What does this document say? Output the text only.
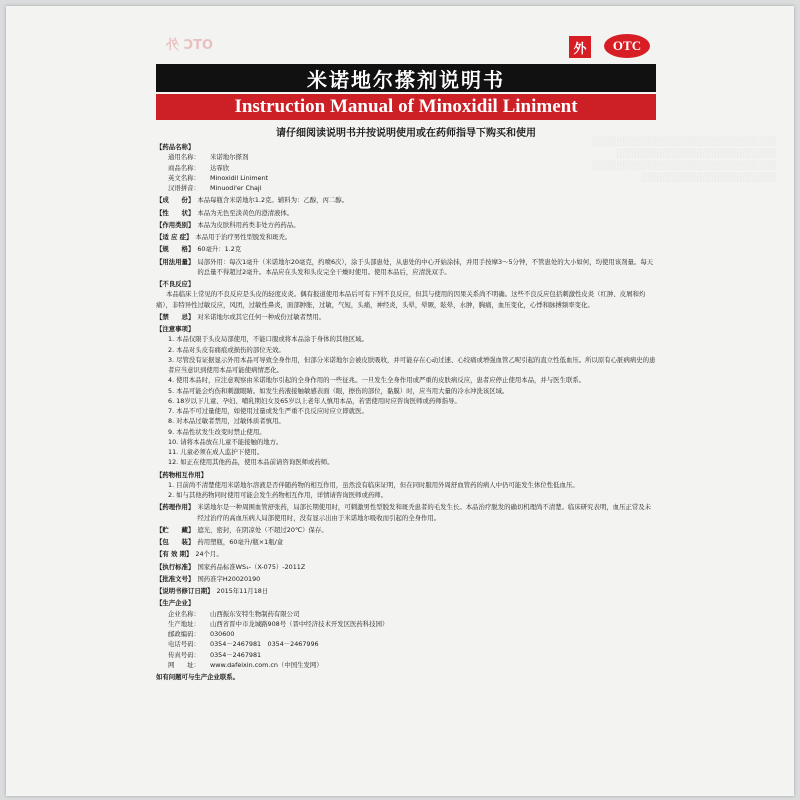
OTC 外
░░░░░░░░░░░░░░░░░░░░░░░░░░░░░░
░░░░░░░░░░░░░░░░░░░░░░░░░░
░░░░░░░░░░░░░░░░░░░░░░░░░░░░░░
░░░░░░░░░░░░░░░░░░░░░░

外	OTC
米诺地尔搽剂说明书
Instruction Manual of Minoxidil Liniment
请仔细阅读说明书并按说明使用或在药师指导下购买和使用
【药品名称】
通用名称：	米诺地尔搽剂
商品名称：	达霏欣
英文名称：	Minoxidil Liniment
汉语拼音：	Minuodi'er Chaji
【成　　份】 本品每瓶含米诺地尔1.2克。辅料为：乙醇，丙二醇。
【性　　状】 本品为无色至淡黄色的澄清液体。
【作用类别】 本品为皮肤科用药类非处方药药品。
【适 应 症】 本品用于治疗男性型脱发和斑秃。
【规　　格】 60毫升：1.2克
【用法用量】 局部外用：每次1毫升（米诺地尔20毫克，约喷6次），涂于头部患处，从患处的中心开始涂抹，并用手按摩3～5分钟，不管患处的大小如何，均使用该剂量。每天的总量不得超过2毫升。本品应在头发和头皮完全干燥时使用。使用本品后，应清洗双手。
【不良反应】
本品临床上常见的不良反应是头皮的轻度皮炎。偶有报道使用本品后可有下列不良反应，但其与使用的因果关系尚不明确。这些不良反应包括刺激性皮炎（红肿、皮屑和灼痛），非特异性过敏反应，风团，过敏性鼻炎，面部肿胀，过敏，气短，头痛，神经炎，头晕，晕厥，眩晕，水肿，胸痛，血压变化，心悸和脉搏频率变化。
【禁　　忌】 对米诺地尔或其它任何一种成份过敏者禁用。
【注意事项】
1. 本品仅限于头皮局部使用，不能口服或将本品涂于身体的其他区域。
2. 本品对头皮有痛痕或损伤的部位无效。
3. 尽管没有证据显示外用本品可导致全身作用，但部分米诺地尔会被皮肤吸收，并可能存在心动过速、心绞痛或增强血管乙呢引起的直立性低血压。所以原有心脏病病史的患者应当意识到使用本品可能使病情恶化。
4. 使用本品时，应注意观察由米诺地尔引起的全身作用的一些征兆。一旦发生全身作用或严重的皮肤病反应，患者应停止使用本品，并与医生联系。
5. 本品可能会灼伤和刺激眼睛。如发生药液接触敏感表面（眼，擦伤的部位，黏膜）时，应当用大量的冷水冲洗该区域。
6. 18岁以下儿童、孕妇、哺乳期妇女及65岁以上老年人慎用本品，若需使用时应咨询医师或药师指导。
7. 本品不可过量使用，如使用过量或发生严重不良反应时应立即就医。
8. 对本品过敏者禁用，过敏体质者慎用。
9. 本品性状发生改变时禁止使用。
10. 请将本品放在儿童不能接触的地方。
11. 儿童必须在成人监护下使用。
12. 如正在使用其他药品，使用本品前请咨询医师或药师。
【药物相互作用】
1. 目前尚不清楚使用米诺地尔溶液是否伴随药物的相互作用，虽然没有临床证明，但在同时服用外周舒血管药的病人中仍可能发生体位性低血压。
2. 如与其他药物同时使用可能会发生药物相互作用，详情请咨询医师或药师。
【药理作用】 米诺地尔是一种周围血管舒张药，局部长期使用时，可刺激男性型脱发和斑秃患者的毛发生长。本品治疗脱发的确切机理尚不清楚。临床研究表明，血压正常及未经过治疗的高血压病人局部使用时，没有显示出由于米诺地尔吸收而引起的全身作用。
【贮　　藏】 遮光，密封，在阴凉处（不超过20℃）保存。
【包　　装】 药用塑瓶，60毫升/瓶×1瓶/盒
【有 效 期】 24个月。
【执行标准】 国家药品标准WS₁-（X-075）-2011Z
【批准文号】 国药准字H20020190
【说明书修订日期】 2015年11月18日
【生产企业】
企业名称：	山西振东安特生物制药有限公司
生产地址：	山西省晋中市龙城路908号（晋中经济技术开发区医药科技园）
邮政编码：	030600
电话号码：	0354－2467981　0354－2467996
传真号码：	0354－2467981
网　　址：	www.dafeixin.com.cn（中国生发网）
如有问题可与生产企业联系。
